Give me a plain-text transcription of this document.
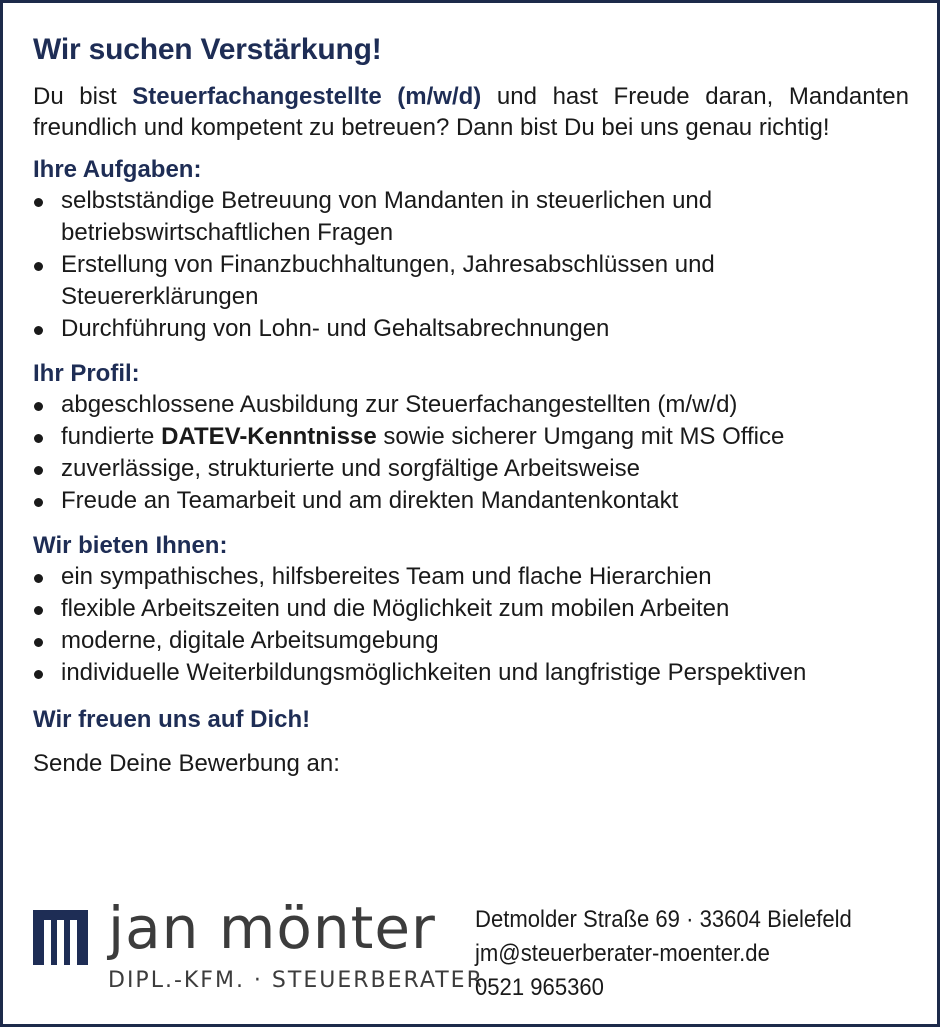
Wir suchen Verstärkung!

Du bist Steuerfachangestellte (m/w/d) und hast Freude daran, Mandanten freundlich und kompetent zu betreuen? Dann bist Du bei uns genau richtig!

Ihre Aufgaben:
selbstständige Betreuung von Mandanten in steuerlichen und betriebswirtschaftlichen Fragen
Erstellung von Finanzbuchhaltungen, Jahresabschlüssen und Steuererklärungen
Durchführung von Lohn- und Gehaltsabrechnungen
Ihr Profil:
abgeschlossene Ausbildung zur Steuerfachangestellten (m/w/d)
fundierte DATEV-Kenntnisse sowie sicherer Umgang mit MS Office
zuverlässige, strukturierte und sorgfältige Arbeitsweise
Freude an Teamarbeit und am direkten Mandantenkontakt
Wir bieten Ihnen:
ein sympathisches, hilfsbereites Team und flache Hierarchien
flexible Arbeitszeiten und die Möglichkeit zum mobilen Arbeiten
moderne, digitale Arbeitsumgebung
individuelle Weiterbildungsmöglichkeiten und langfristige Perspektiven
Wir freuen uns auf Dich!
Sende Deine Bewerbung an:
jan mönter
DIPL.-KFM. · STEUERBERATER
Detmolder Straße 69 · 33604 Bielefeld
jm@steuerberater-moenter.de
0521 965360
